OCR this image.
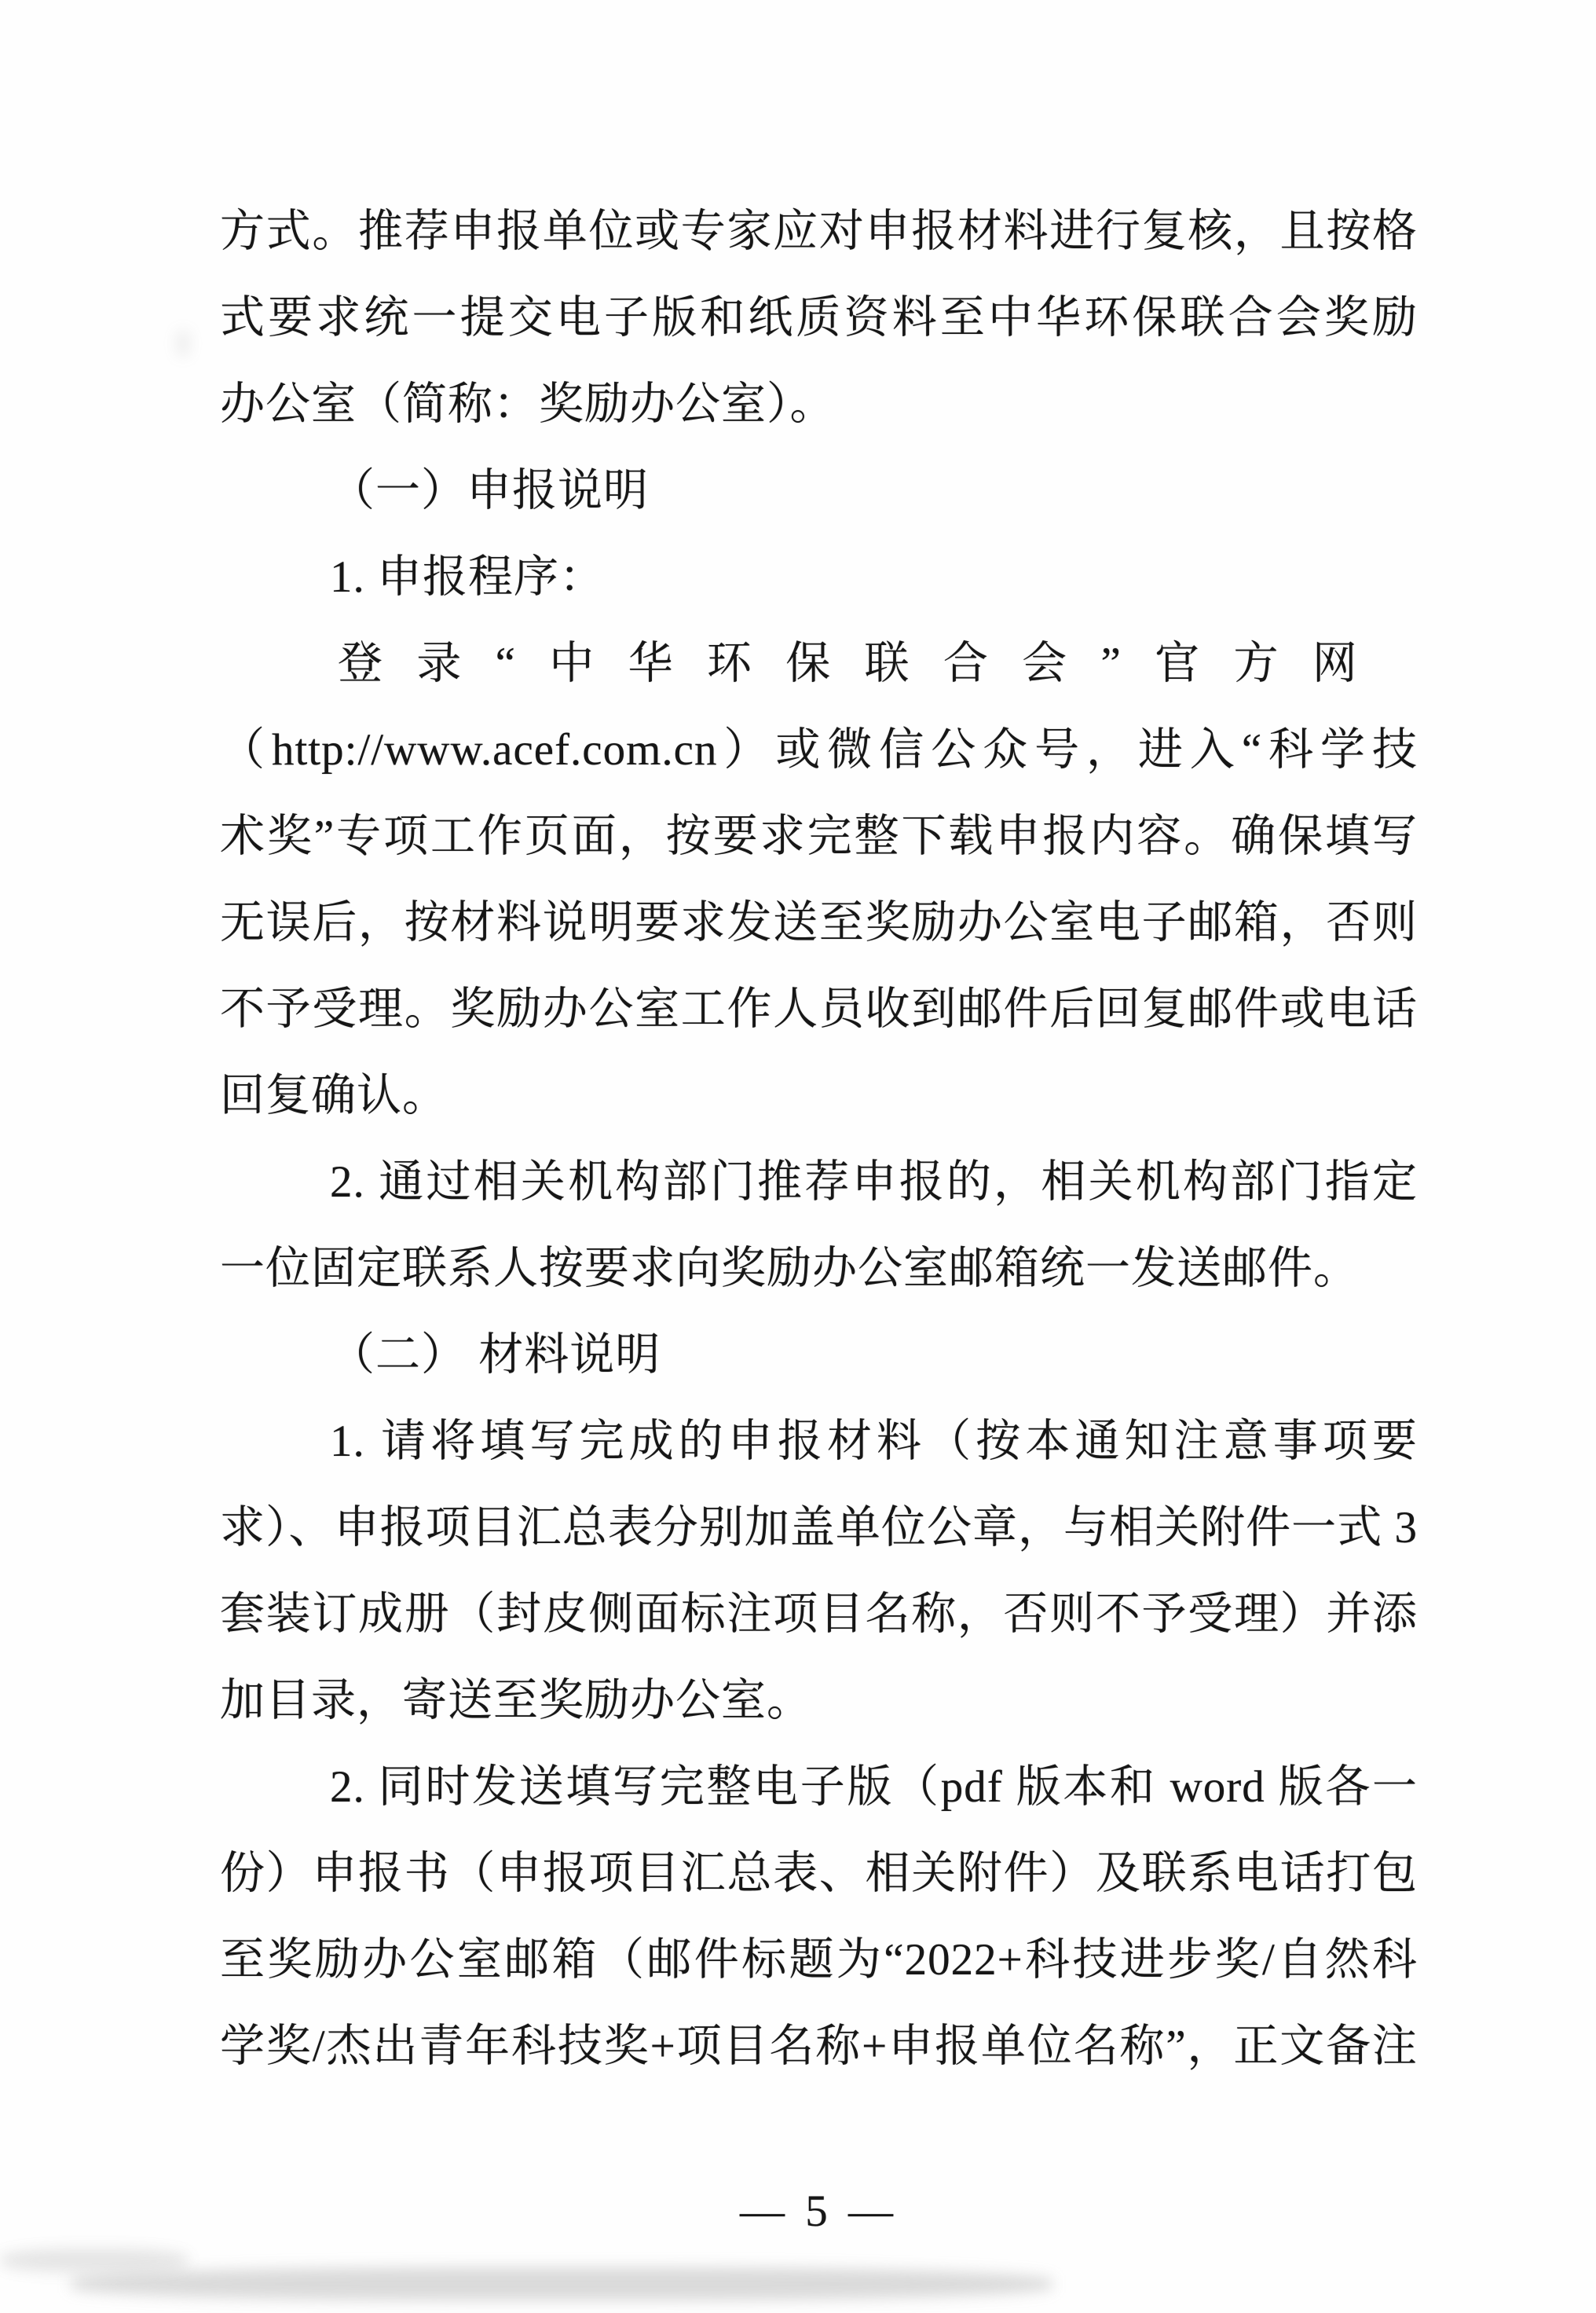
方式。推荐申报单位或专家应对申报材料进行复核，且按格
式要求统一提交电子版和纸质资料至中华环保联合会奖励
办公室（简称：奖励办公室）。
（一）申报说明
1. 申报程序：
登录“中华环保联合会”官方网
（http://www.acef.com.cn）或微信公众号，进入“科学技
术奖”专项工作页面，按要求完整下载申报内容。确保填写
无误后，按材料说明要求发送至奖励办公室电子邮箱，否则
不予受理。奖励办公室工作人员收到邮件后回复邮件或电话
回复确认。
2. 通过相关机构部门推荐申报的，相关机构部门指定
一位固定联系人按要求向奖励办公室邮箱统一发送邮件。
（二） 材料说明
1. 请将填写完成的申报材料（按本通知注意事项要
求）、申报项目汇总表分别加盖单位公章，与相关附件一式 3
套装订成册（封皮侧面标注项目名称，否则不予受理）并添
加目录，寄送至奖励办公室。
2. 同时发送填写完整电子版（pdf 版本和 word 版各一
份）申报书（申报项目汇总表、相关附件）及联系电话打包
至奖励办公室邮箱（邮件标题为“2022+科技进步奖/自然科
学奖/杰出青年科技奖+项目名称+申报单位名称”，正文备注
— 5 —
